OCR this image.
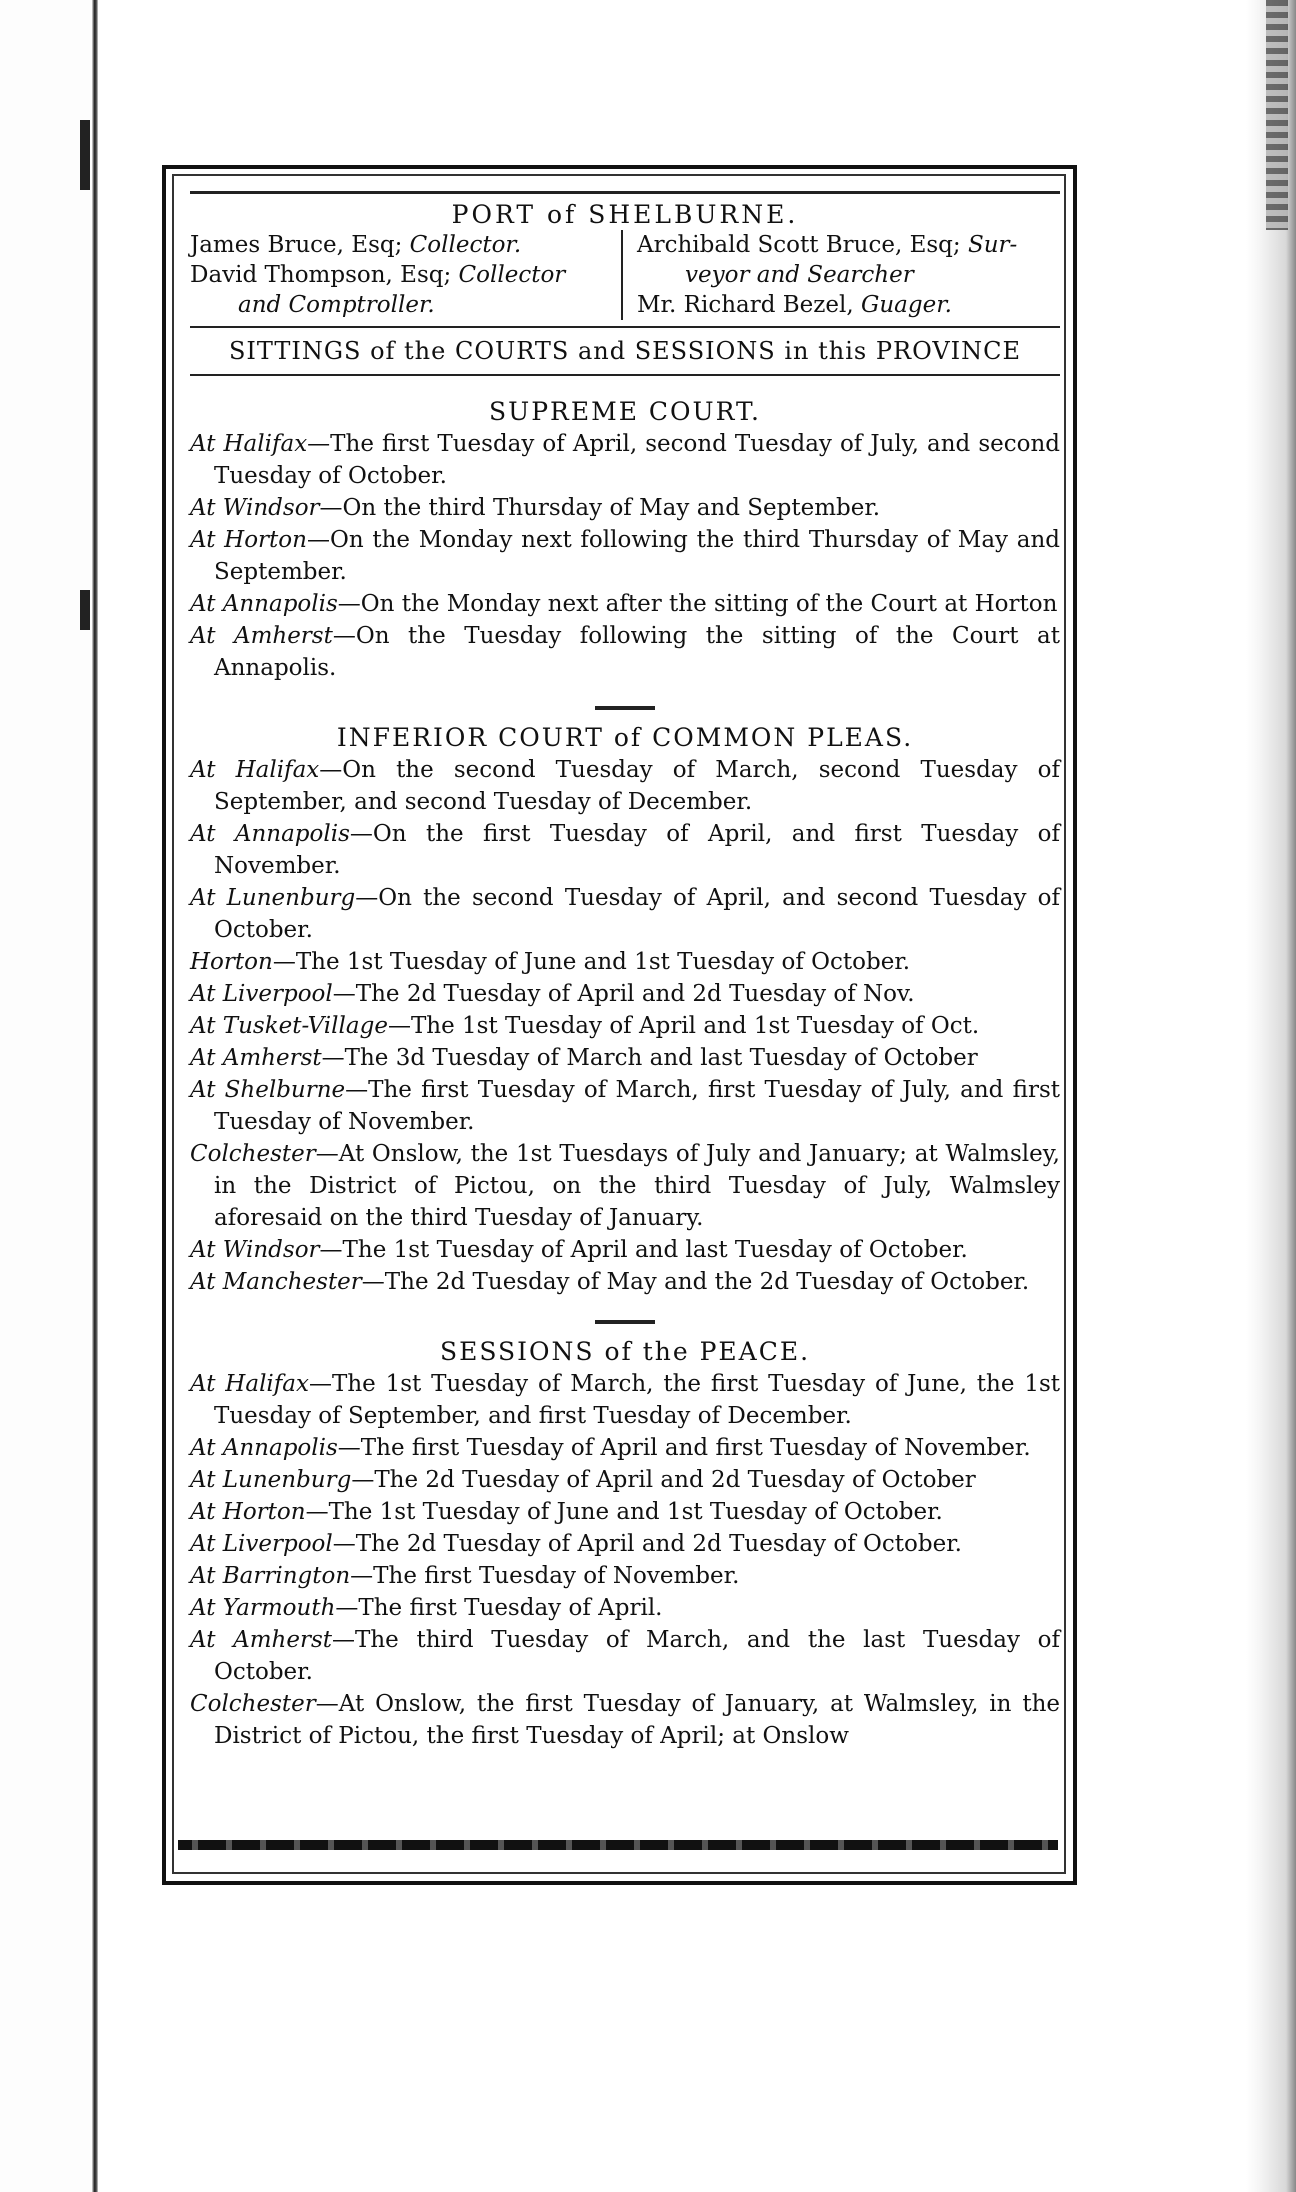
PORT of SHELBURNE.
James Bruce, Esq; Collector.
David Thompson, Esq; Collector
and Comptroller.
Archibald Scott Bruce, Esq; Sur-
veyor and Searcher
Mr. Richard Bezel, Guager.
SITTINGS of the COURTS and SESSIONS in this PROVINCE
SUPREME COURT.
At Halifax—The first Tuesday of April, second Tuesday of July, and second Tuesday of October.
At Windsor—On the third Thursday of May and September.
At Horton—On the Monday next following the third Thursday of May and September.
At Annapolis—On the Monday next after the sitting of the Court at Horton
At Amherst—On the Tuesday following the sitting of the Court at Annapolis.
INFERIOR COURT of COMMON PLEAS.
At Halifax—On the second Tuesday of March, second Tuesday of September, and second Tuesday of December.
At Annapolis—On the first Tuesday of April, and first Tuesday of November.
At Lunenburg—On the second Tuesday of April, and second Tuesday of October.
Horton—The 1st Tuesday of June and 1st Tuesday of October.
At Liverpool—The 2d Tuesday of April and 2d Tuesday of Nov.
At Tusket-Village—The 1st Tuesday of April and 1st Tuesday of Oct.
At Amherst—The 3d Tuesday of March and last Tuesday of October
At Shelburne—The first Tuesday of March, first Tuesday of July, and first Tuesday of November.
Colchester—At Onslow, the 1st Tuesdays of July and January; at Walmsley, in the District of Pictou, on the third Tuesday of July, Walmsley aforesaid on the third Tuesday of January.
At Windsor—The 1st Tuesday of April and last Tuesday of October.
At Manchester—The 2d Tuesday of May and the 2d Tuesday of October.
SESSIONS of the PEACE.
At Halifax—The 1st Tuesday of March, the first Tuesday of June, the 1st Tuesday of September, and first Tuesday of December.
At Annapolis—The first Tuesday of April and first Tuesday of November.
At Lunenburg—The 2d Tuesday of April and 2d Tuesday of October
At Horton—The 1st Tuesday of June and 1st Tuesday of October.
At Liverpool—The 2d Tuesday of April and 2d Tuesday of October.
At Barrington—The first Tuesday of November.
At Yarmouth—The first Tuesday of April.
At Amherst—The third Tuesday of March, and the last Tuesday of October.
Colchester—At Onslow, the first Tuesday of January, at Walmsley, in the District of Pictou, the first Tuesday of April; at Onslow
